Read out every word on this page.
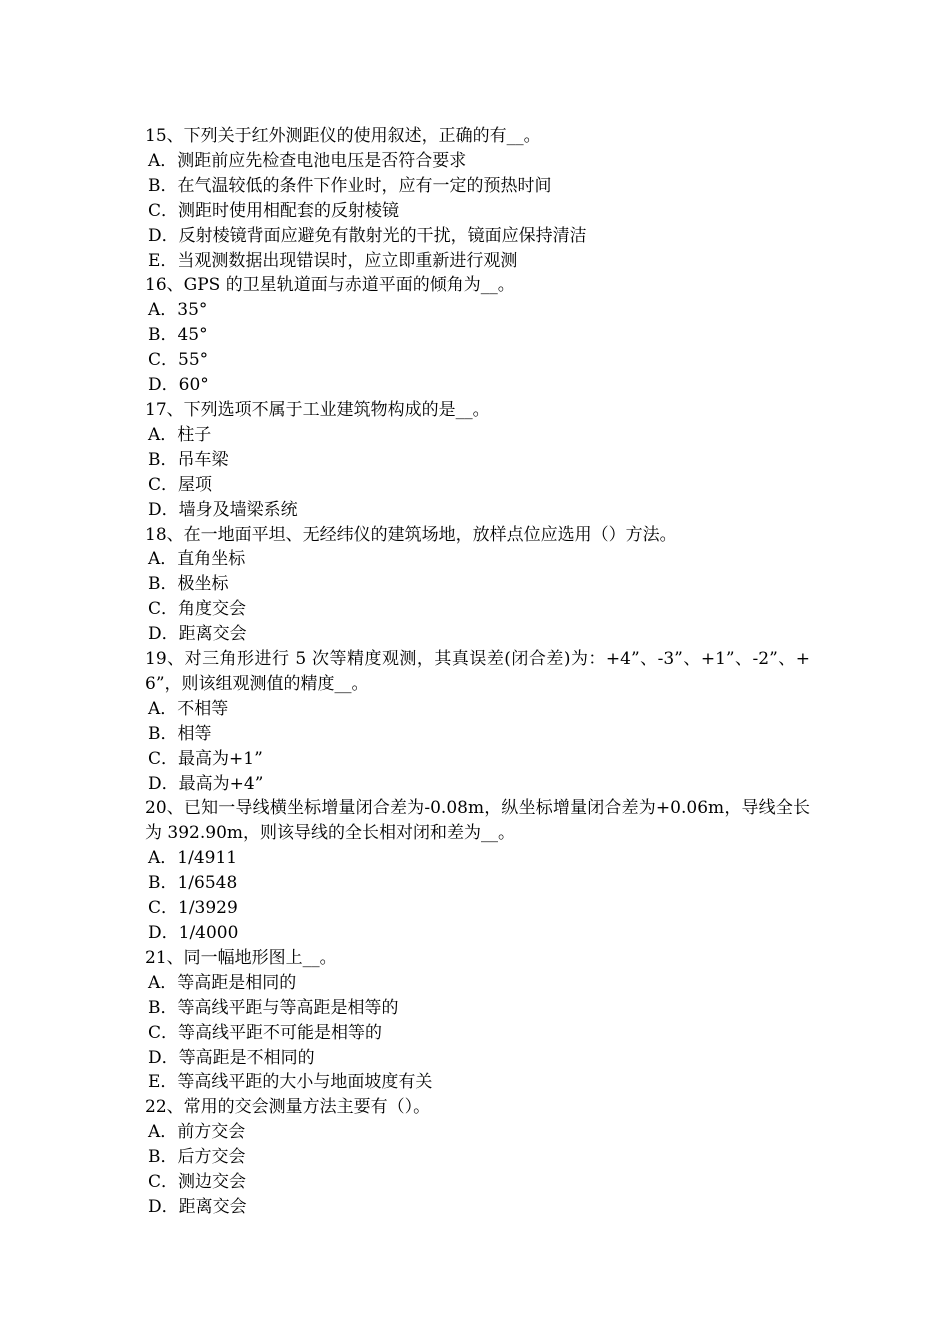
15、下列关于红外测距仪的使用叙述，正确的有__。

A．测距前应先检查电池电压是否符合要求

B．在气温较低的条件下作业时，应有一定的预热时间

C．测距时使用相配套的反射棱镜

D．反射棱镜背面应避免有散射光的干扰，镜面应保持清洁

E．当观测数据出现错误时，应立即重新进行观测

16、GPS 的卫星轨道面与赤道平面的倾角为__。

A．35°

B．45°

C．55°

D．60°

17、下列选项不属于工业建筑物构成的是__。

A．柱子

B．吊车梁

C．屋项

D．墙身及墙梁系统

18、在一地面平坦、无经纬仪的建筑场地，放样点位应选用（）方法。

A．直角坐标

B．极坐标

C．角度交会

D．距离交会

19、对三角形进行 5 次等精度观测，其真误差(闭合差)为：+4”、-3”、+1”、-2”、+6”，则该组观测值的精度__。

A．不相等

B．相等

C．最高为+1”

D．最高为+4”

20、已知一导线横坐标增量闭合差为-0.08m，纵坐标增量闭合差为+0.06m，导线全长为 392.90m，则该导线的全长相对闭和差为__。

A．1/4911

B．1/6548

C．1/3929

D．1/4000

21、同一幅地形图上__。

A．等高距是相同的

B．等高线平距与等高距是相等的

C．等高线平距不可能是相等的

D．等高距是不相同的

E．等高线平距的大小与地面坡度有关

22、常用的交会测量方法主要有（）。

A．前方交会

B．后方交会

C．测边交会

D．距离交会
